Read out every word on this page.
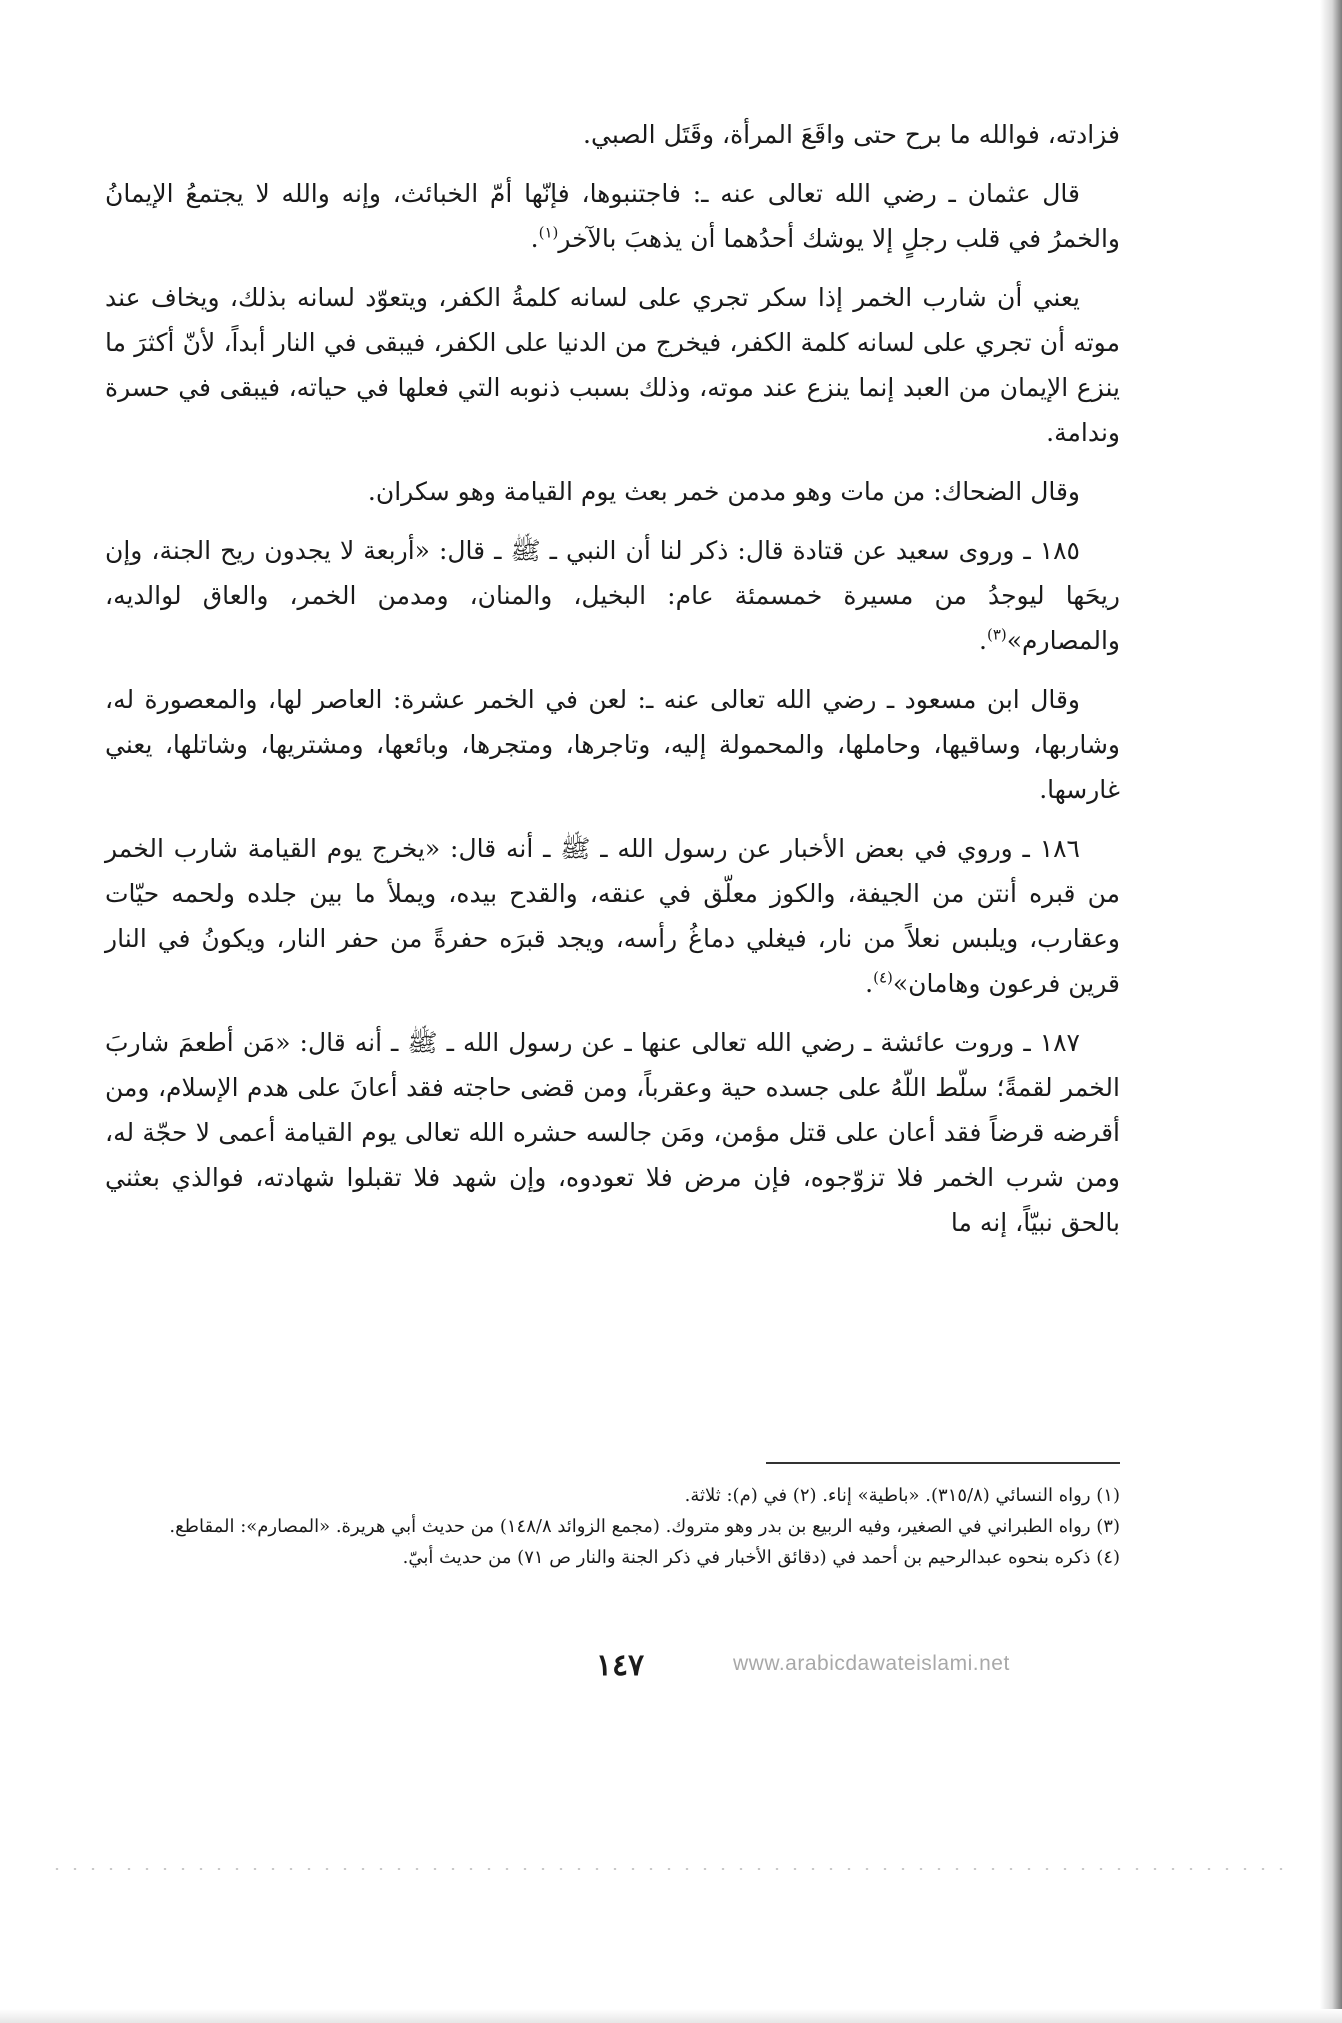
فزادته، فوالله ما برح حتى واقَعَ المرأة، وقَتَل الصبي.

قال عثمان ـ رضي الله تعالى عنه ـ: فاجتنبوها، فإنّها أمّ الخبائث، وإنه والله لا يجتمعُ الإيمانُ والخمرُ في قلب رجلٍ إلا يوشك أحدُهما أن يذهبَ بالآخر$^{(١)}$.

يعني أن شارب الخمر إذا سكر تجري على لسانه كلمةُ الكفر، ويتعوّد لسانه بذلك، ويخاف عند موته أن تجري على لسانه كلمة الكفر، فيخرج من الدنيا على الكفر، فيبقى في النار أبداً، لأنّ أكثرَ ما ينزع الإيمان من العبد إنما ينزع عند موته، وذلك بسبب ذنوبه التي فعلها في حياته، فيبقى في حسرة وندامة.

وقال الضحاك: من مات وهو مدمن خمر بعث يوم القيامة وهو سكران.

١٨٥ ـ وروى سعيد عن قتادة قال: ذكر لنا أن النبي ـ ﷺ ـ قال: «أربعة لا يجدون ريح الجنة، وإن ريحَها ليوجدُ من مسيرة خمسمئة عام: البخيل، والمنان، ومدمن الخمر، والعاق لوالديه، والمصارم»$^{(٣)}$.

وقال ابن مسعود ـ رضي الله تعالى عنه ـ: لعن في الخمر عشرة: العاصر لها، والمعصورة له، وشاربها، وساقيها، وحاملها، والمحمولة إليه، وتاجرها، ومتجرها، وبائعها، ومشتريها، وشاتلها، يعني غارسها.

١٨٦ ـ وروي في بعض الأخبار عن رسول الله ـ ﷺ ـ أنه قال: «يخرج يوم القيامة شارب الخمر من قبره أنتن من الجيفة، والكوز معلّق في عنقه، والقدح بيده، ويملأ ما بين جلده ولحمه حيّات وعقارب، ويلبس نعلاً من نار، فيغلي دماغُ رأسه، ويجد قبرَه حفرةً من حفر النار، ويكونُ في النار قرين فرعون وهامان»$^{(٤)}$.

١٨٧ ـ وروت عائشة ـ رضي الله تعالى عنها ـ عن رسول الله ـ ﷺ ـ أنه قال: «مَن أطعمَ شاربَ الخمر لقمةً؛ سلّط اللّهُ على جسده حية وعقرباً، ومن قضى حاجته فقد أعانَ على هدم الإسلام، ومن أقرضه قرضاً فقد أعان على قتل مؤمن، ومَن جالسه حشره الله تعالى يوم القيامة أعمى لا حجّة له، ومن شرب الخمر فلا تزوّجوه، فإن مرض فلا تعودوه، وإن شهد فلا تقبلوا شهادته، فوالذي بعثني بالحق نبيّاً، إنه ما

(١) رواه النسائي (٣١٥/٨). «باطية» إناء. (٢) في (م): ثلاثة.

(٣) رواه الطبراني في الصغير، وفيه الربيع بن بدر وهو متروك. (مجمع الزوائد ١٤٨/٨) من حديث أبي هريرة. «المصارم»: المقاطع.

(٤) ذكره بنحوه عبدالرحيم بن أحمد في (دقائق الأخبار في ذكر الجنة والنار ص ٧١) من حديث أبيّ.

١٤٧	www.arabicdawateislami.net
